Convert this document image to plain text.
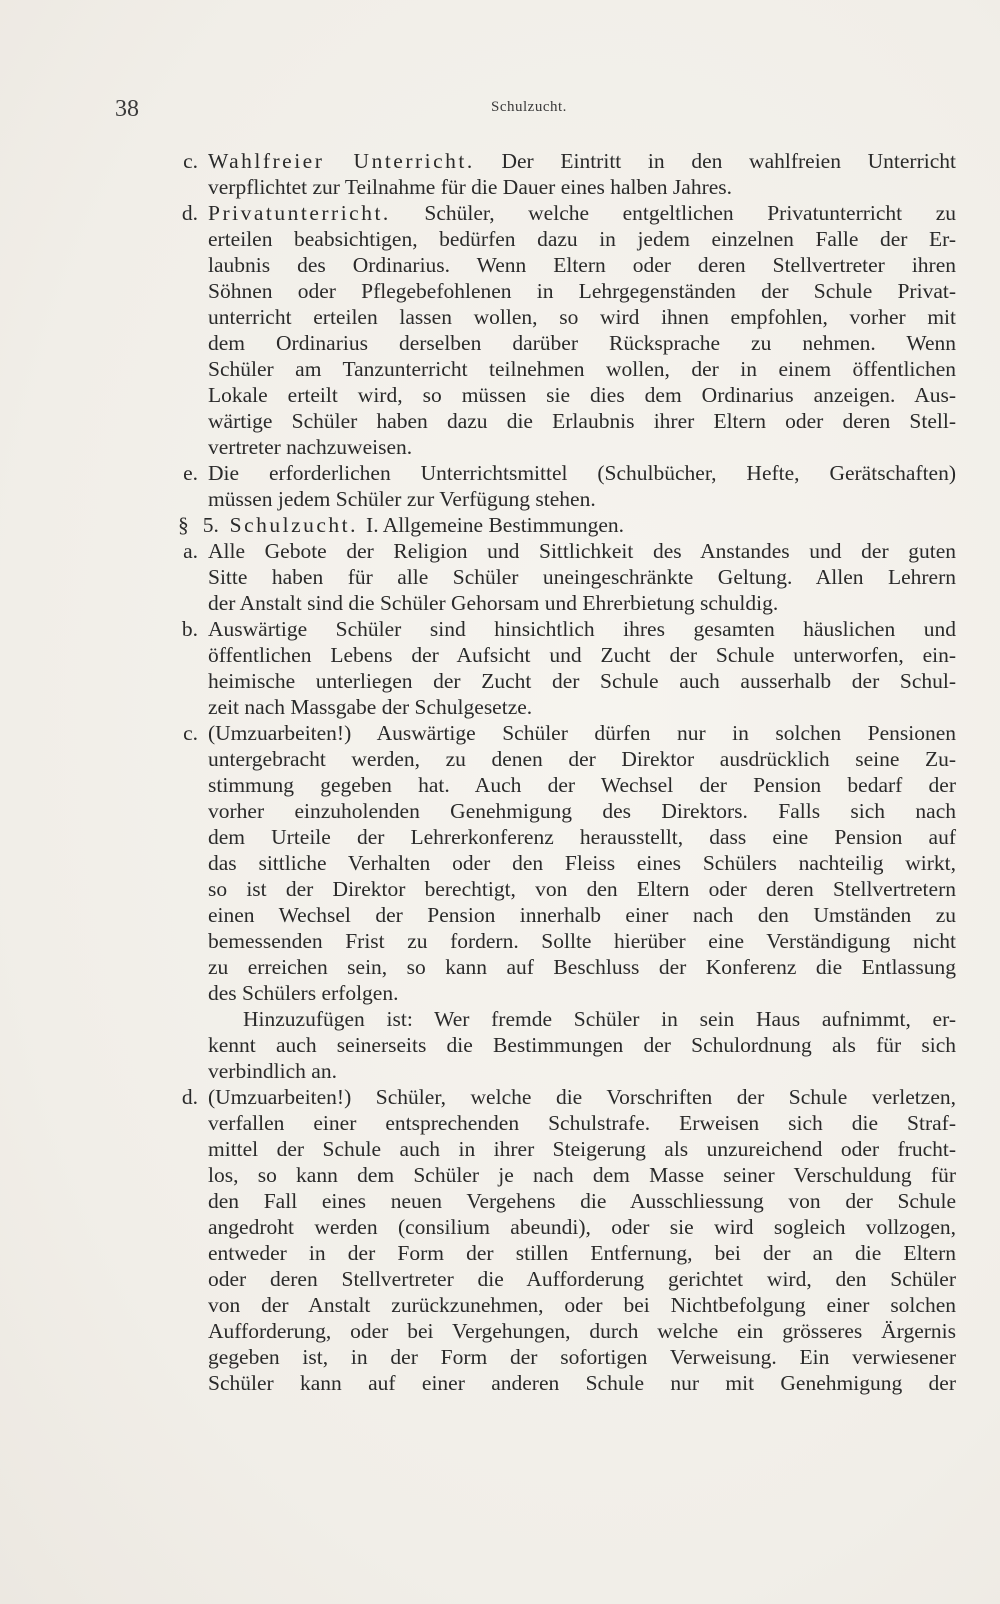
38	Schulzucht.
c. Wahlfreier Unterricht. Der Eintritt in den wahlfreien Unterricht
verpflichtet zur Teilnahme für die Dauer eines halben Jahres.
d. Privatunterricht. Schüler, welche entgeltlichen Privatunterricht zu
erteilen beabsichtigen, bedürfen dazu in jedem einzelnen Falle der Er-
laubnis des Ordinarius. Wenn Eltern oder deren Stellvertreter ihren
Söhnen oder Pflegebefohlenen in Lehrgegenständen der Schule Privat-
unterricht erteilen lassen wollen, so wird ihnen empfohlen, vorher mit
dem Ordinarius derselben darüber Rücksprache zu nehmen. Wenn
Schüler am Tanzunterricht teilnehmen wollen, der in einem öffentlichen
Lokale erteilt wird, so müssen sie dies dem Ordinarius anzeigen. Aus-
wärtige Schüler haben dazu die Erlaubnis ihrer Eltern oder deren Stell-
vertreter nachzuweisen.
e. Die erforderlichen Unterrichtsmittel (Schulbücher, Hefte, Gerätschaften)
müssen jedem Schüler zur Verfügung stehen.
§ 5. Schulzucht. I. Allgemeine Bestimmungen.
a. Alle Gebote der Religion und Sittlichkeit des Anstandes und der guten
Sitte haben für alle Schüler uneingeschränkte Geltung. Allen Lehrern
der Anstalt sind die Schüler Gehorsam und Ehrerbietung schuldig.
b. Auswärtige Schüler sind hinsichtlich ihres gesamten häuslichen und
öffentlichen Lebens der Aufsicht und Zucht der Schule unterworfen, ein-
heimische unterliegen der Zucht der Schule auch ausserhalb der Schul-
zeit nach Massgabe der Schulgesetze.
c. (Umzuarbeiten!) Auswärtige Schüler dürfen nur in solchen Pensionen
untergebracht werden, zu denen der Direktor ausdrücklich seine Zu-
stimmung gegeben hat. Auch der Wechsel der Pension bedarf der
vorher einzuholenden Genehmigung des Direktors. Falls sich nach
dem Urteile der Lehrerkonferenz herausstellt, dass eine Pension auf
das sittliche Verhalten oder den Fleiss eines Schülers nachteilig wirkt,
so ist der Direktor berechtigt, von den Eltern oder deren Stellvertretern
einen Wechsel der Pension innerhalb einer nach den Umständen zu
bemessenden Frist zu fordern. Sollte hierüber eine Verständigung nicht
zu erreichen sein, so kann auf Beschluss der Konferenz die Entlassung
des Schülers erfolgen.
Hinzuzufügen ist: Wer fremde Schüler in sein Haus aufnimmt, er-
kennt auch seinerseits die Bestimmungen der Schulordnung als für sich
verbindlich an.
d. (Umzuarbeiten!) Schüler, welche die Vorschriften der Schule verletzen,
verfallen einer entsprechenden Schulstrafe. Erweisen sich die Straf-
mittel der Schule auch in ihrer Steigerung als unzureichend oder frucht-
los, so kann dem Schüler je nach dem Masse seiner Verschuldung für
den Fall eines neuen Vergehens die Ausschliessung von der Schule
angedroht werden (consilium abeundi), oder sie wird sogleich vollzogen,
entweder in der Form der stillen Entfernung, bei der an die Eltern
oder deren Stellvertreter die Aufforderung gerichtet wird, den Schüler
von der Anstalt zurückzunehmen, oder bei Nichtbefolgung einer solchen
Aufforderung, oder bei Vergehungen, durch welche ein grösseres Ärgernis
gegeben ist, in der Form der sofortigen Verweisung. Ein verwiesener
Schüler kann auf einer anderen Schule nur mit Genehmigung der
